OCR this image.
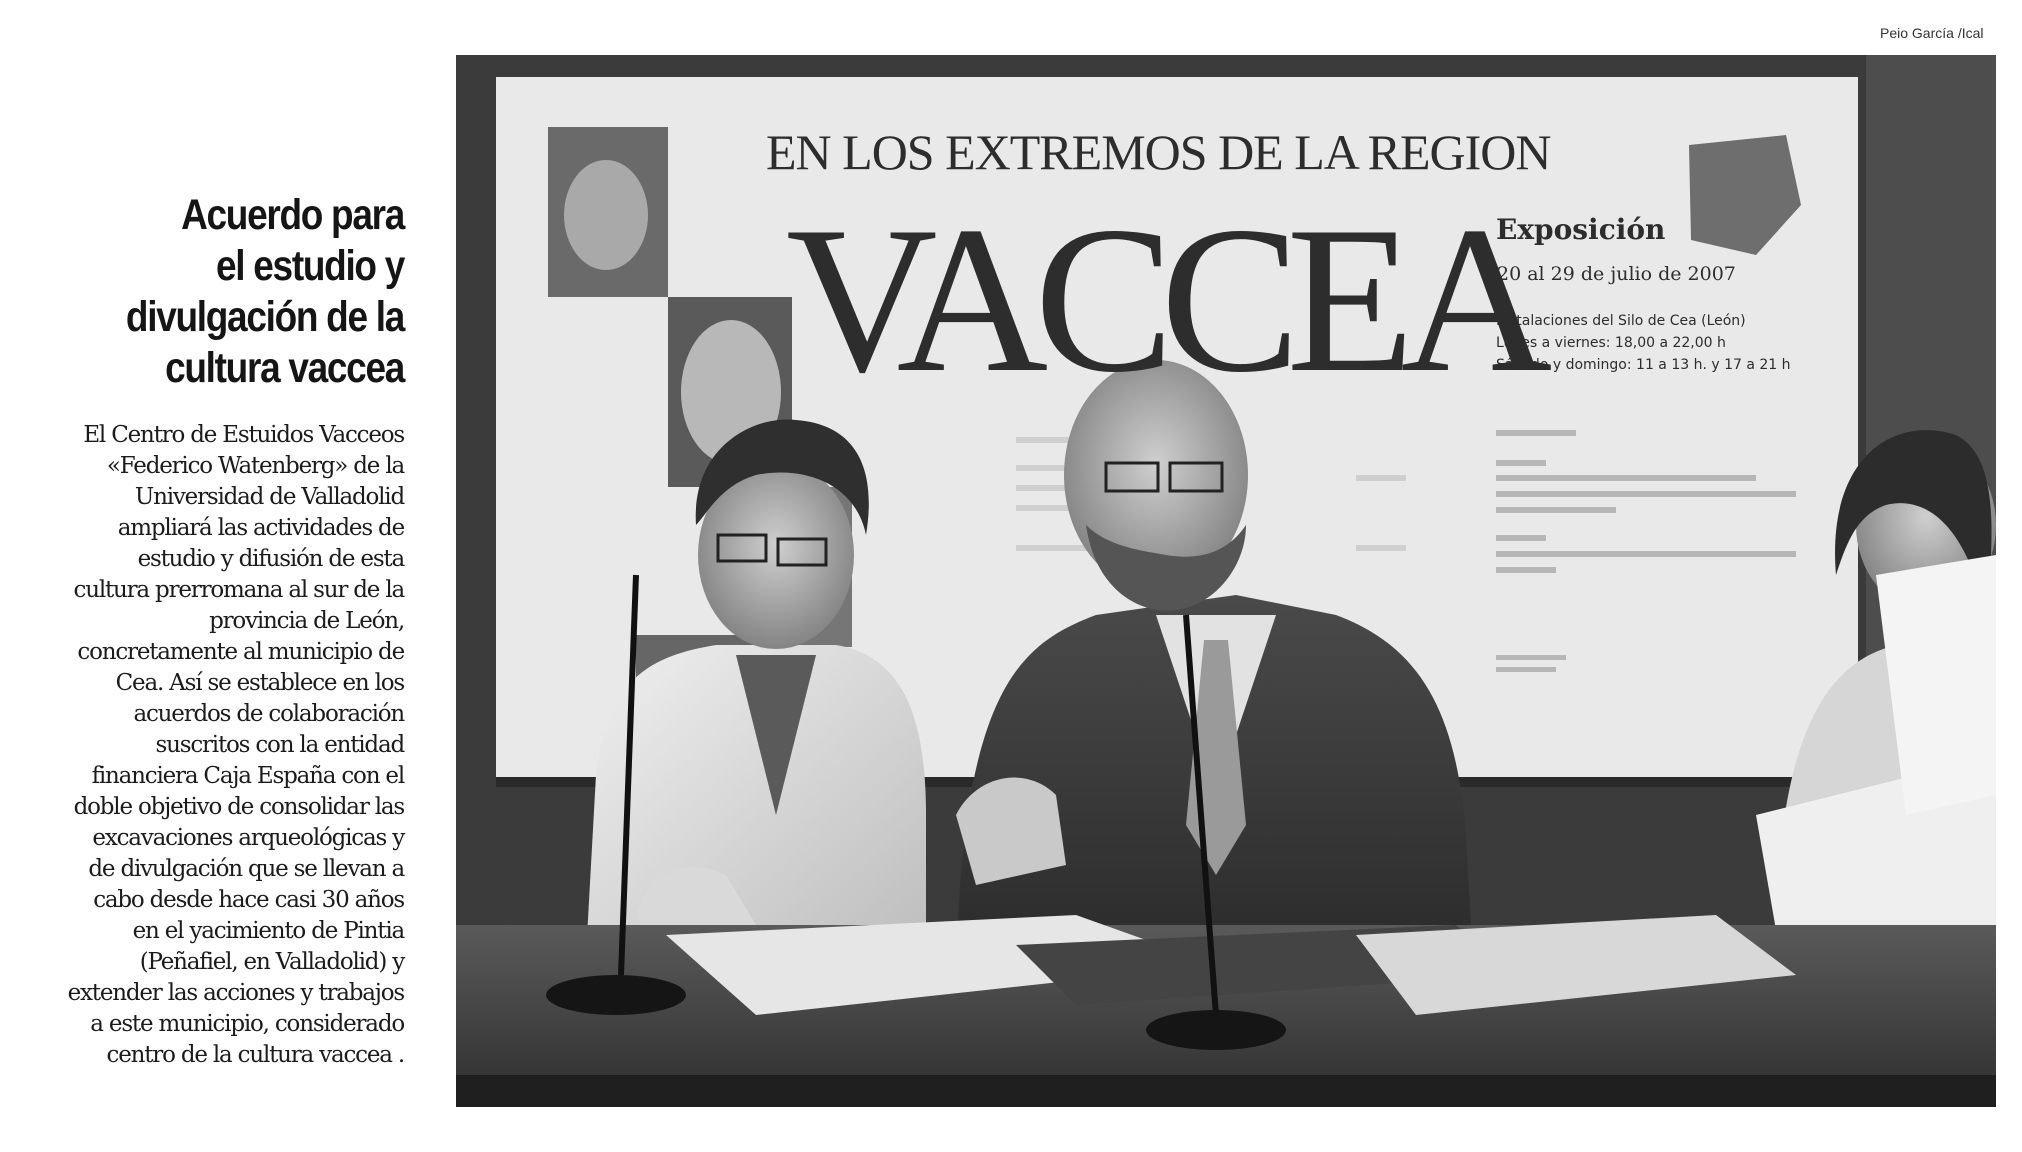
Acuerdo para
el estudio y
divulgación de la
cultura vaccea
El Centro de Estuidos Vacceos
«Federico Watenberg» de la
Universidad de Valladolid
ampliará las actividades de
estudio y difusión de esta
cultura prerromana al sur de la
provincia de León,
concretamente al municipio de
Cea. Así se establece en los
acuerdos de colaboración
suscritos con la entidad
financiera Caja España con el
doble objetivo de consolidar las
excavaciones arqueológicas y
de divulgación que se llevan a
cabo desde hace casi 30 años
en el yacimiento de Pintia
(Peñafiel, en Valladolid) y
extender las acciones y trabajos
a este municipio, considerado
centro de la cultura vaccea .
Peio García /Ical
EN LOS EXTREMOS DE LA REGION
VACCEA
Exposición
20 al 29 de julio de 2007
Instalaciones del Silo de Cea (León)
Lunes a viernes: 18,00 a 22,00 h
Sábado y domingo: 11 a 13 h. y 17 a 21 h
